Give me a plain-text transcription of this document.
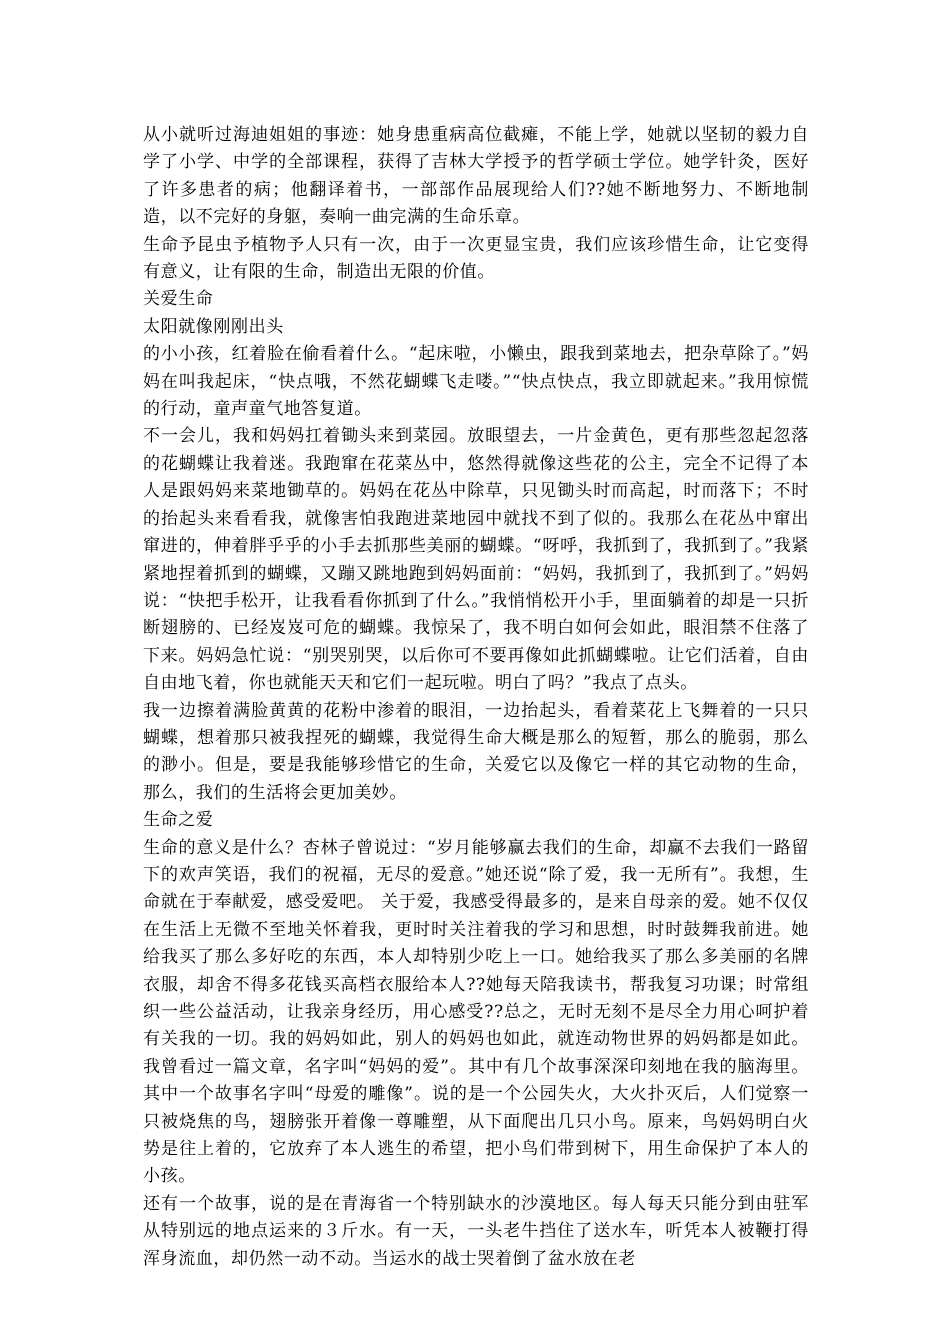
从小就听过海迪姐姐的事迹：她身患重病高位截瘫，不能上学，她就以坚韧的毅力自学了小学、中学的全部课程，获得了吉林大学授予的哲学硕士学位。她学针灸，医好了许多患者的病；他翻译着书，一部部作品展现给人们??她不断地努力、不断地制造，以不完好的身躯，奏响一曲完满的生命乐章。

生命予昆虫予植物予人只有一次，由于一次更显宝贵，我们应该珍惜生命，让它变得有意义，让有限的生命，制造出无限的价值。

关爱生命

太阳就像刚刚出头

的小小孩，红着脸在偷看着什么。“起床啦，小懒虫，跟我到菜地去，把杂草除了。”妈妈在叫我起床，“快点哦，不然花蝴蝶飞走喽。”“快点快点，我立即就起来。”我用惊慌的行动，童声童气地答复道。

不一会儿，我和妈妈扛着锄头来到菜园。放眼望去，一片金黄色，更有那些忽起忽落的花蝴蝶让我着迷。我跑窜在花菜丛中，悠然得就像这些花的公主，完全不记得了本人是跟妈妈来菜地锄草的。妈妈在花丛中除草，只见锄头时而高起，时而落下；不时的抬起头来看看我，就像害怕我跑进菜地园中就找不到了似的。我那么在花丛中窜出窜进的，伸着胖乎乎的小手去抓那些美丽的蝴蝶。“呀呼，我抓到了，我抓到了。”我紧紧地捏着抓到的蝴蝶，又蹦又跳地跑到妈妈面前：“妈妈，我抓到了，我抓到了。”妈妈说：“快把手松开，让我看看你抓到了什么。”我悄悄松开小手，里面躺着的却是一只折断翅膀的、已经岌岌可危的蝴蝶。我惊呆了，我不明白如何会如此，眼泪禁不住落了下来。妈妈急忙说：“别哭别哭，以后你可不要再像如此抓蝴蝶啦。让它们活着，自由自由地飞着，你也就能天天和它们一起玩啦。明白了吗？”我点了点头。

我一边擦着满脸黄黄的花粉中渗着的眼泪，一边抬起头，看着菜花上飞舞着的一只只蝴蝶，想着那只被我捏死的蝴蝶，我觉得生命大概是那么的短暂，那么的脆弱，那么的渺小。但是，要是我能够珍惜它的生命，关爱它以及像它一样的其它动物的生命，那么，我们的生活将会更加美妙。

生命之爱

生命的意义是什么？杏林子曾说过：“岁月能够赢去我们的生命，却赢不去我们一路留下的欢声笑语，我们的祝福，无尽的爱意。”她还说“除了爱，我一无所有”。我想，生命就在于奉献爱，感受爱吧。 关于爱，我感受得最多的，是来自母亲的爱。她不仅仅在生活上无微不至地关怀着我，更时时关注着我的学习和思想，时时鼓舞我前进。她给我买了那么多好吃的东西，本人却特别少吃上一口。她给我买了那么多美丽的名牌衣服，却舍不得多花钱买高档衣服给本人??她每天陪我读书，帮我复习功课；时常组织一些公益活动，让我亲身经历，用心感受??总之，无时无刻不是尽全力用心呵护着有关我的一切。我的妈妈如此，别人的妈妈也如此，就连动物世界的妈妈都是如此。我曾看过一篇文章，名字叫“妈妈的爱”。其中有几个故事深深印刻地在我的脑海里。其中一个故事名字叫“母爱的雕像”。说的是一个公园失火，大火扑灭后，人们觉察一只被烧焦的鸟，翅膀张开着像一尊雕塑，从下面爬出几只小鸟。原来，鸟妈妈明白火势是往上着的，它放弃了本人逃生的希望，把小鸟们带到树下，用生命保护了本人的小孩。

还有一个故事，说的是在青海省一个特别缺水的沙漠地区。每人每天只能分到由驻军从特别远的地点运来的３斤水。有一天，一头老牛挡住了送水车，听凭本人被鞭打得浑身流血，却仍然一动不动。当运水的战士哭着倒了盆水放在老
